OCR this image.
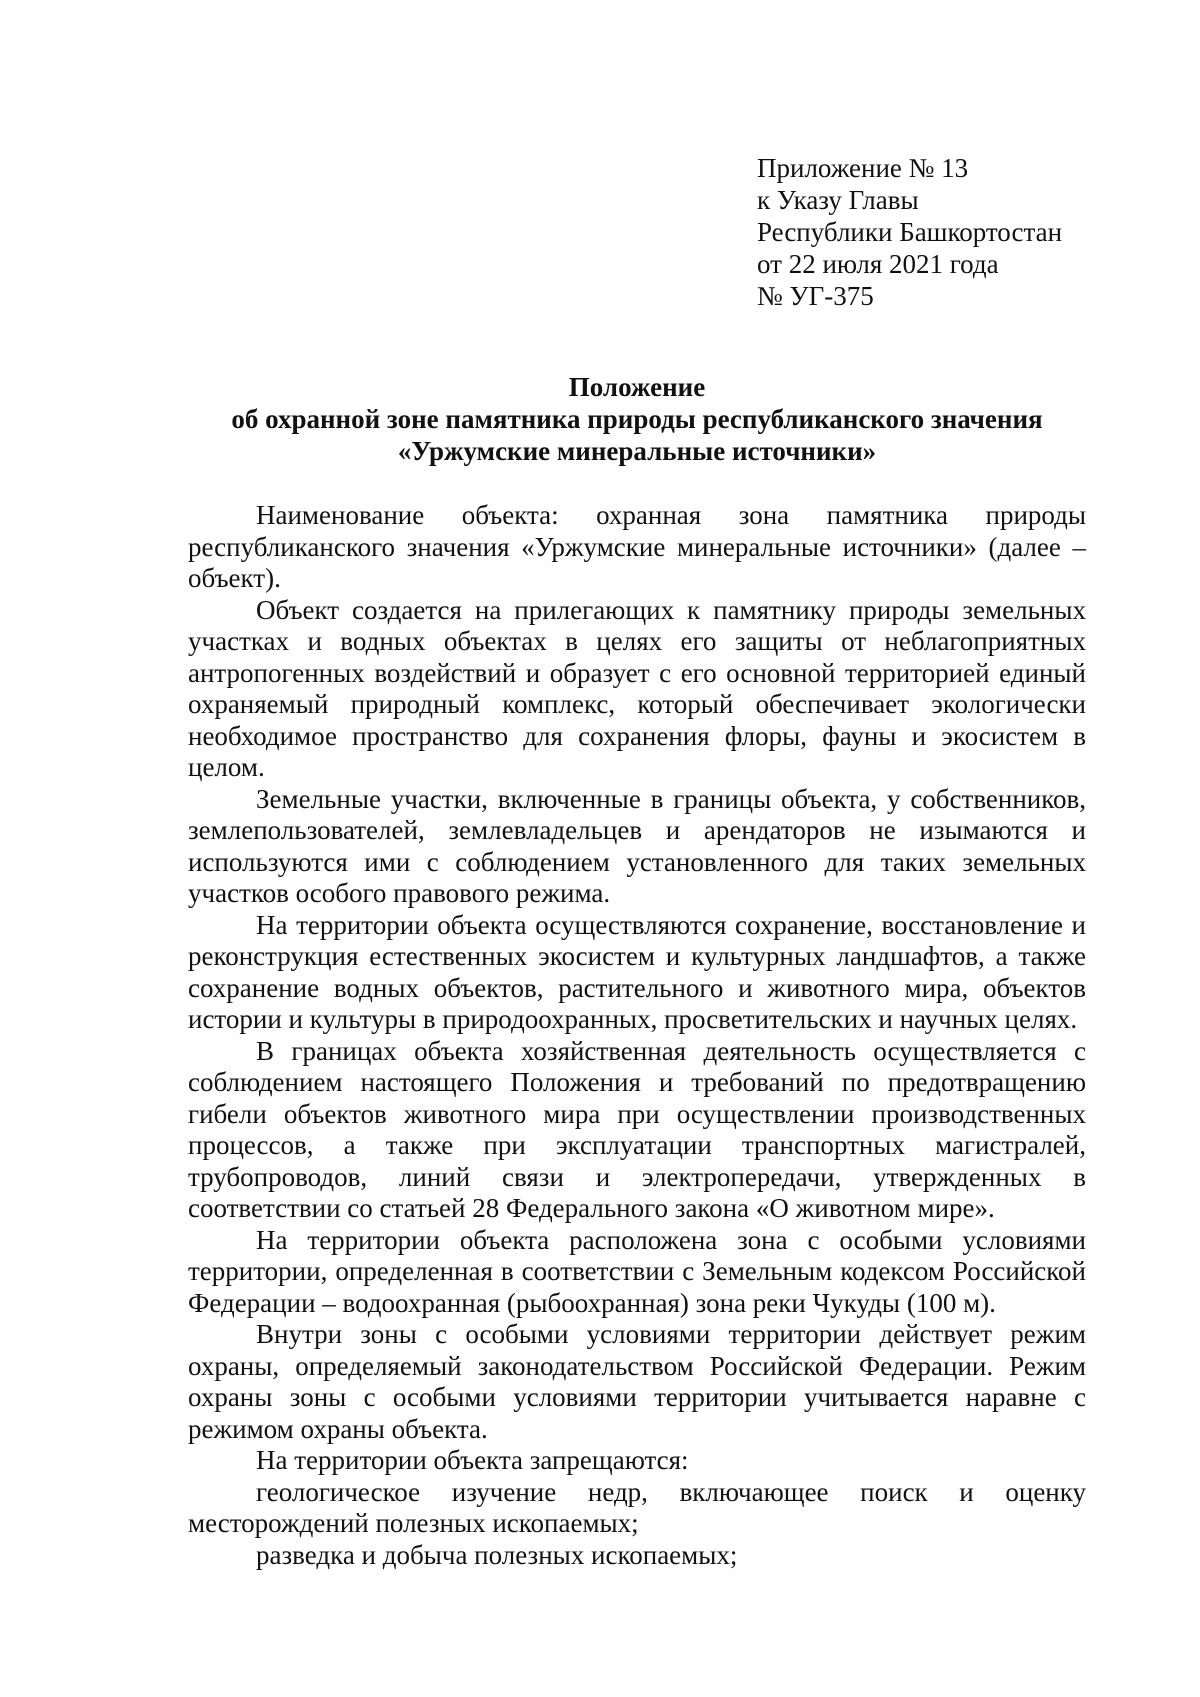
Приложение № 13
к Указу Главы
Республики Башкортостан
от 22 июля 2021 года
№ УГ-375
Положение
об охранной зоне памятника природы республиканского значения
«Уржумские минеральные источники»

Наименование объекта: охранная зона памятника природы республиканского значения «Уржумские минеральные источники» (далее – объект).

Объект создается на прилегающих к памятнику природы земельных участках и водных объектах в целях его защиты от неблагоприятных антропогенных воздействий и образует с его основной территорией единый охраняемый природный комплекс, который обеспечивает экологически необходимое пространство для сохранения флоры, фауны и экосистем в целом.

Земельные участки, включенные в границы объекта, у собственников, землепользователей, землевладельцев и арендаторов не изымаются и используются ими с соблюдением установленного для таких земельных участков особого правового режима.

На территории объекта осуществляются сохранение, восстановление и реконструкция естественных экосистем и культурных ландшафтов, а также сохранение водных объектов, растительного и животного мира, объектов истории и культуры в природоохранных, просветительских и научных целях.

В границах объекта хозяйственная деятельность осуществляется с соблюдением настоящего Положения и требований по предотвращению гибели объектов животного мира при осуществлении производственных процессов, а также при эксплуатации транспортных магистралей, трубопроводов, линий связи и электропередачи, утвержденных в соответствии со статьей 28 Федерального закона «О животном мире».

На территории объекта расположена зона с особыми условиями территории, определенная в соответствии с Земельным кодексом Российской Федерации – водоохранная (рыбоохранная) зона реки Чукуды (100 м).

Внутри зоны с особыми условиями территории действует режим охраны, определяемый законодательством Российской Федерации. Режим охраны зоны с особыми условиями территории учитывается наравне с режимом охраны объекта.

На территории объекта запрещаются:

геологическое изучение недр, включающее поиск и оценку месторождений полезных ископаемых;

разведка и добыча полезных ископаемых;
